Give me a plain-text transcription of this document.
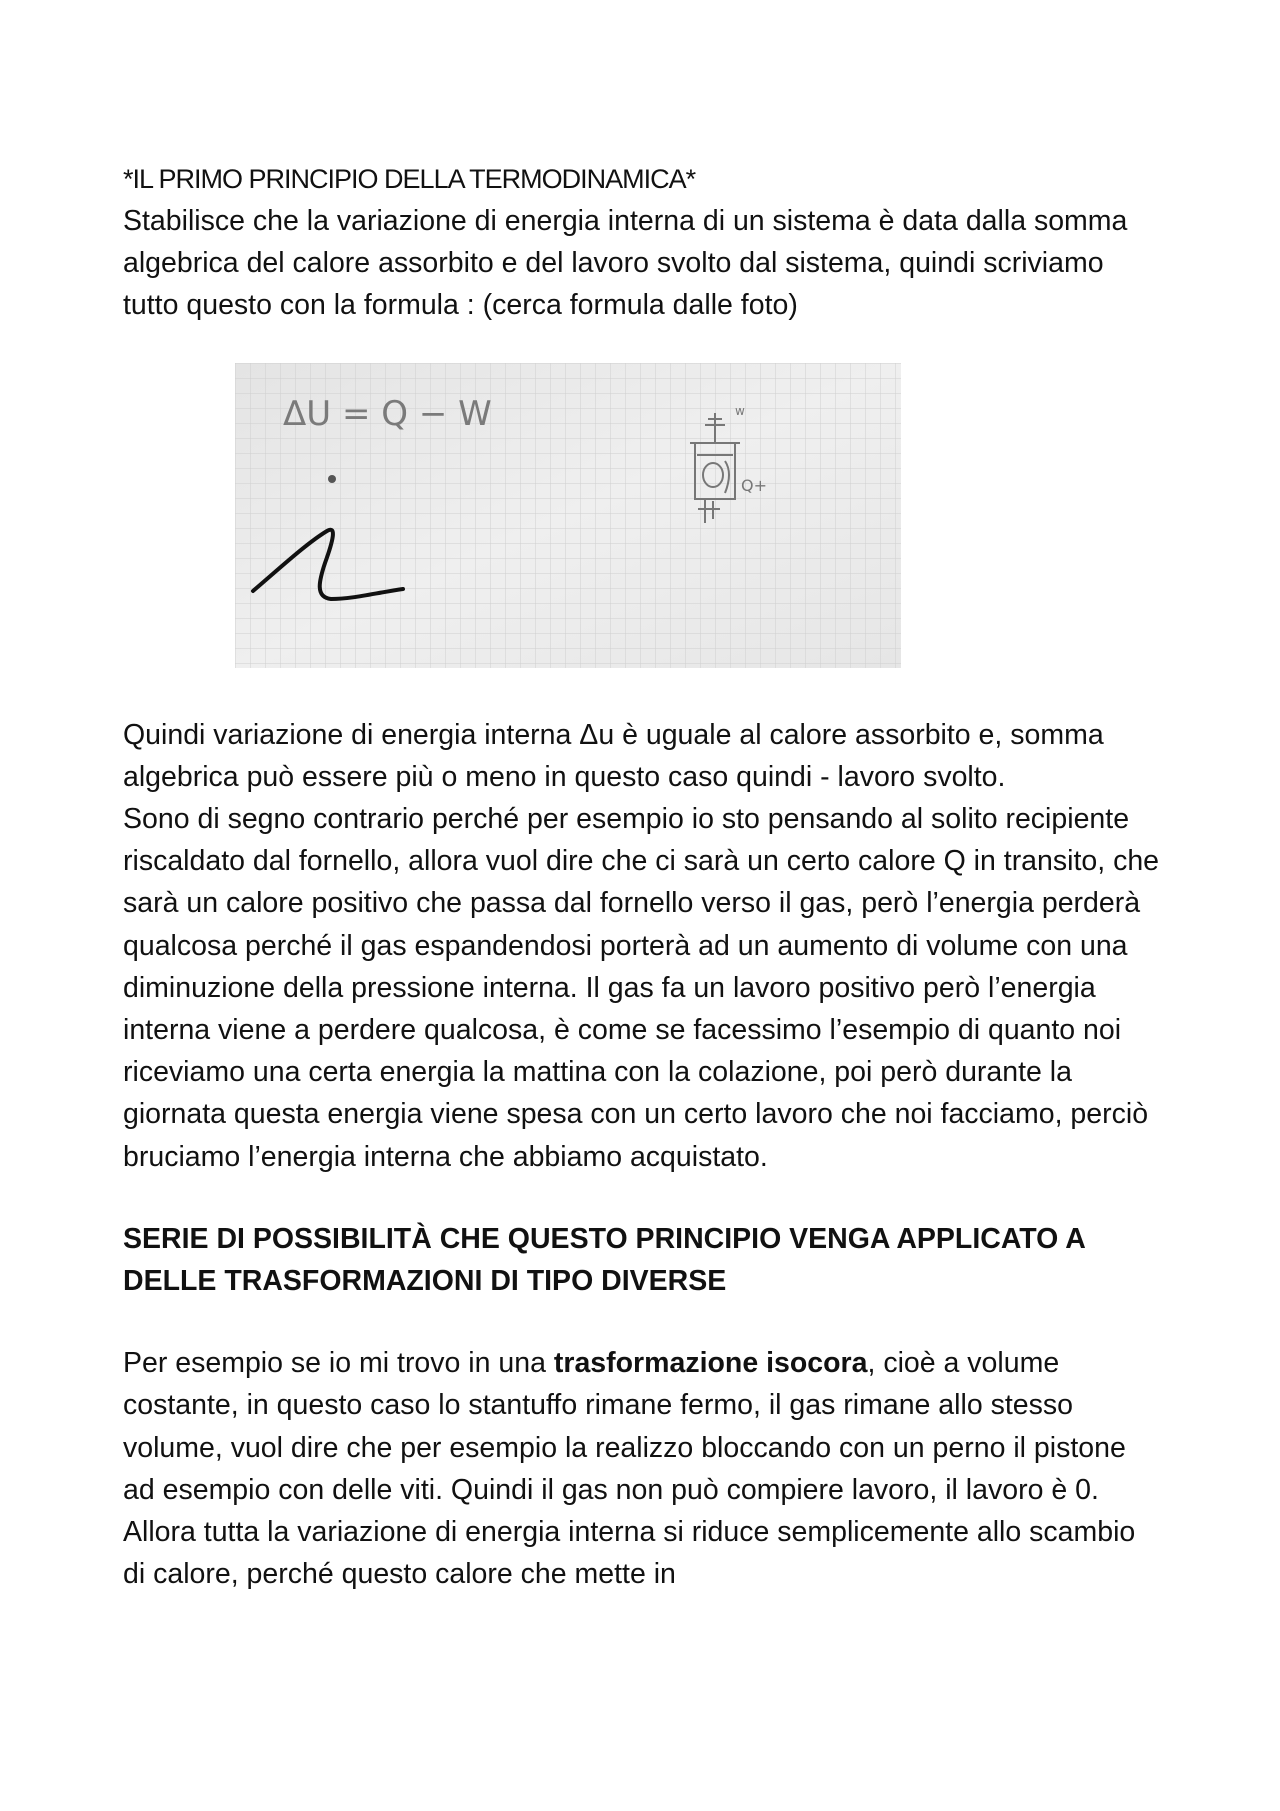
*IL PRIMO PRINCIPIO DELLA TERMODINAMICA*

Stabilisce che la variazione di energia interna di un sistema è data dalla somma algebrica del calore assorbito e del lavoro svolto dal sistema, quindi scriviamo tutto questo con la formula : (cerca formula dalle foto)

ΔU = Q − W
Q+
w

Quindi variazione di energia interna Δu è uguale al calore assorbito e, somma algebrica può essere più o meno in questo caso quindi - lavoro svolto.

Sono di segno contrario perché per esempio io sto pensando al solito recipiente riscaldato dal fornello, allora vuol dire che ci sarà un certo calore Q in transito, che sarà un calore positivo che passa dal fornello verso il gas, però l’energia perderà qualcosa perché il gas espandendosi porterà ad un aumento di volume con una diminuzione della pressione interna. Il gas fa un lavoro positivo però l’energia interna viene a perdere qualcosa, è come se facessimo l’esempio di quanto noi riceviamo una certa energia la mattina con la colazione, poi però durante la giornata questa energia viene spesa con un certo lavoro che noi facciamo, perciò bruciamo l’energia interna che abbiamo acquistato.

SERIE DI POSSIBILITÀ CHE QUESTO PRINCIPIO VENGA APPLICATO A DELLE TRASFORMAZIONI DI TIPO DIVERSE

Per esempio se io mi trovo in una trasformazione isocora, cioè a volume costante, in questo caso lo stantuffo rimane fermo, il gas rimane allo stesso volume, vuol dire che per esempio la realizzo bloccando con un perno il pistone ad esempio con delle viti. Quindi il gas non può compiere lavoro, il lavoro è 0. Allora tutta la variazione di energia interna si riduce semplicemente allo scambio di calore, perché questo calore che mette in
